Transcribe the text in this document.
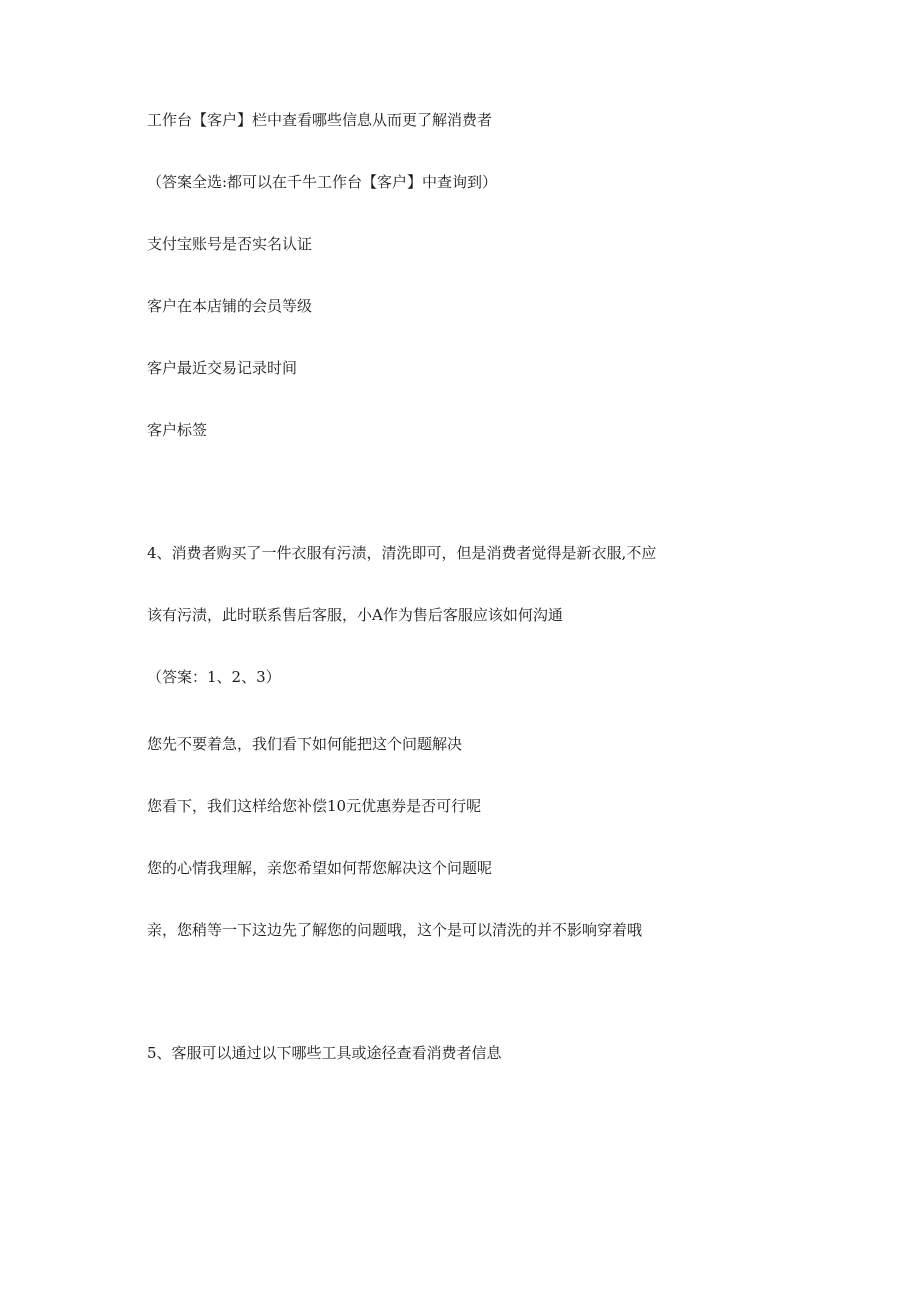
工作台【客户】栏中查看哪些信息从而更了解消费者

（答案全选:都可以在千牛工作台【客户】中查询到）

支付宝账号是否实名认证

客户在本店铺的会员等级

客户最近交易记录时间

客户标签

4、消费者购买了一件衣服有污渍，清洗即可，但是消费者觉得是新衣服,不应

该有污渍，此时联系售后客服，小A作为售后客服应该如何沟通

（答案：1、2、3）

您先不要着急，我们看下如何能把这个问题解决

您看下，我们这样给您补偿10元优惠券是否可行呢

您的心情我理解，亲您希望如何帮您解决这个问题呢

亲，您稍等一下这边先了解您的问题哦，这个是可以清洗的并不影响穿着哦

5、客服可以通过以下哪些工具或途径查看消费者信息
